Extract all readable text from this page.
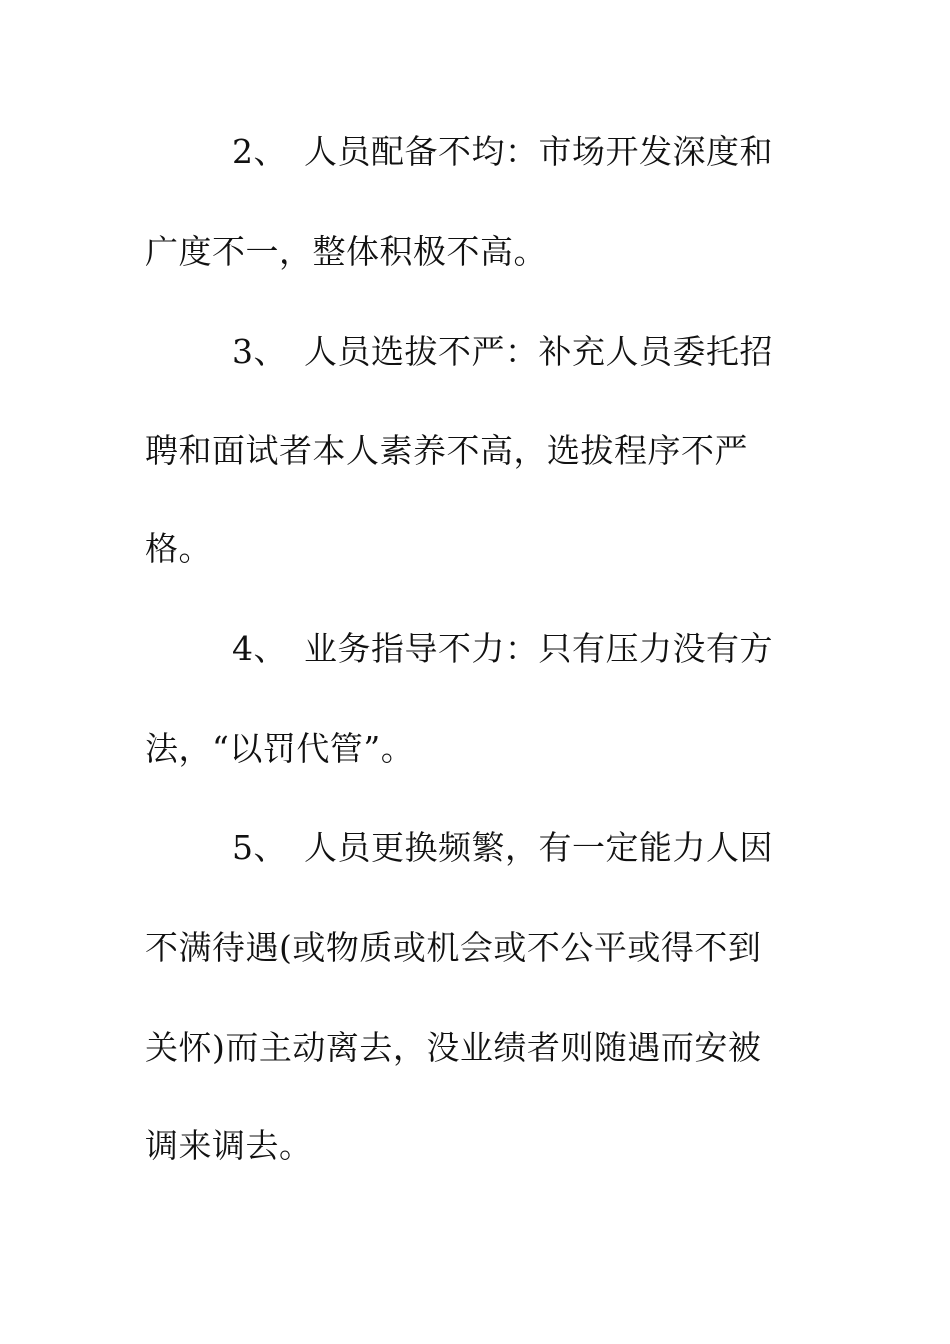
2、 人员配备不均：市场开发深度和
广度不一，整体积极不高。
3、 人员选拔不严：补充人员委托招
聘和面试者本人素养不高，选拔程序不严
格。
4、 业务指导不力：只有压力没有方
法，“以罚代管”。
5、 人员更换频繁，有一定能力人因
不满待遇(或物质或机会或不公平或得不到
关怀)而主动离去，没业绩者则随遇而安被
调来调去。
